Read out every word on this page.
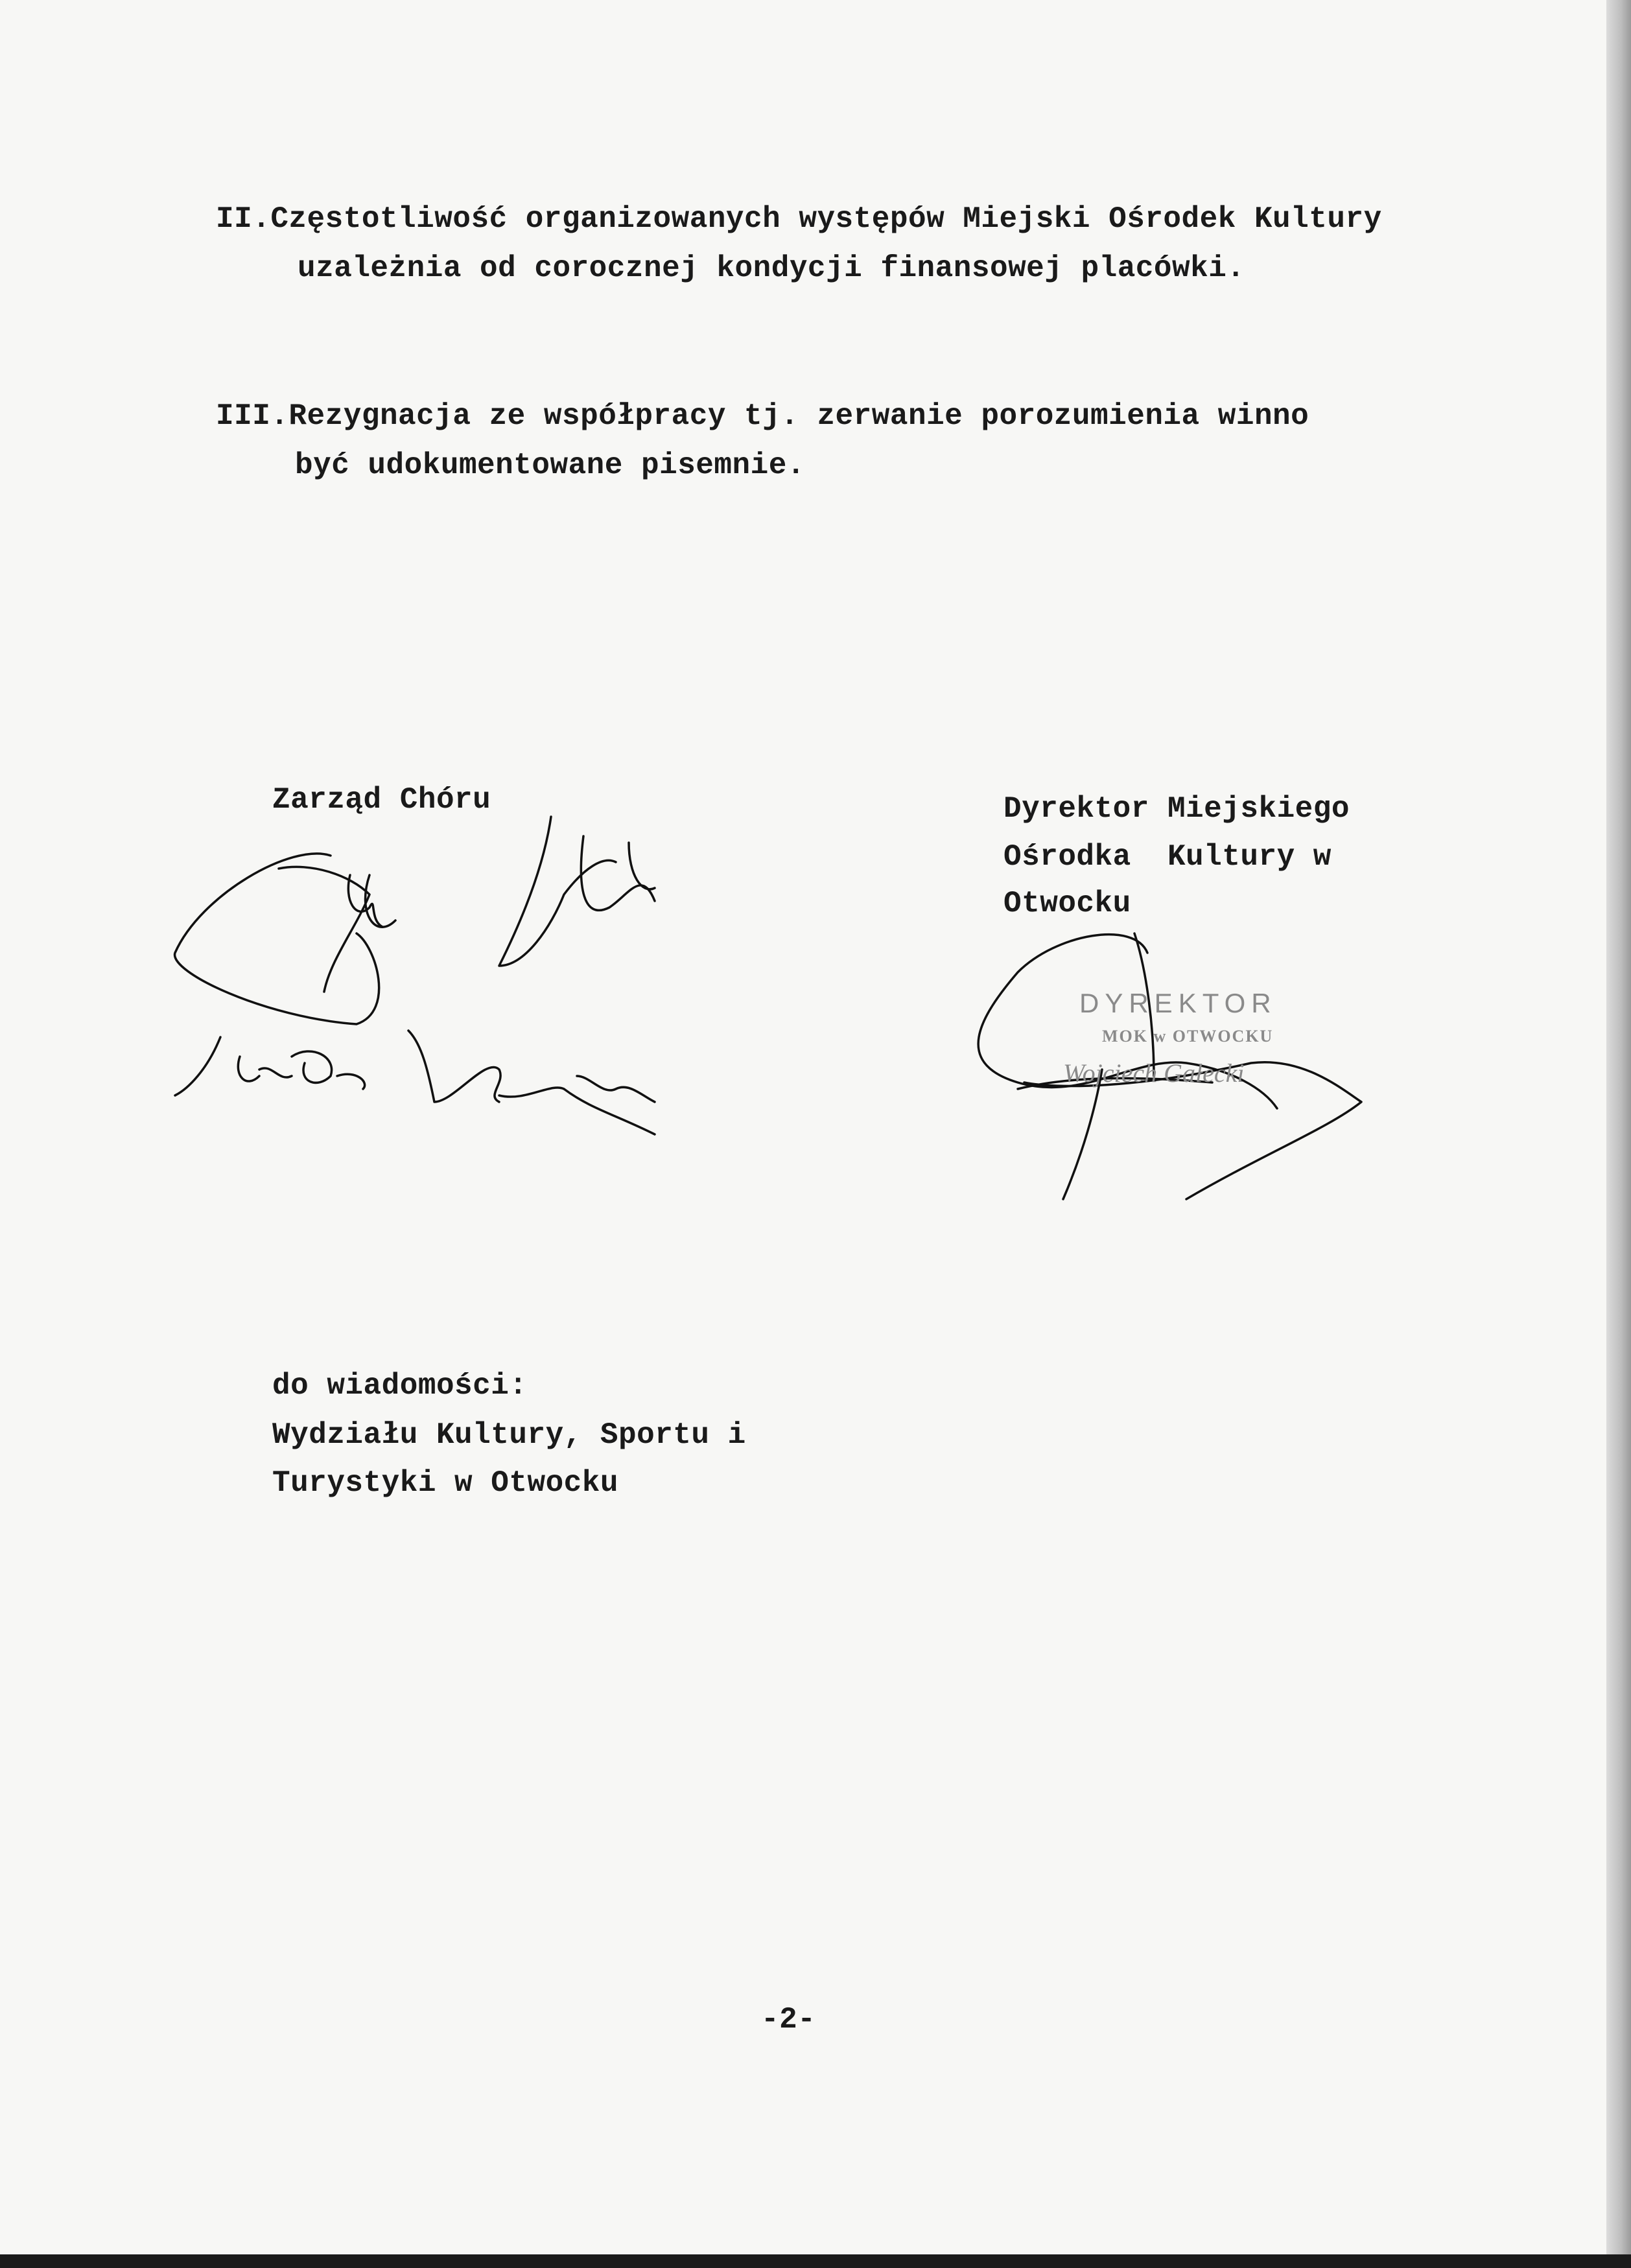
II.Częstotliwość organizowanych występów Miejski Ośrodek Kultury
uzależnia od corocznej kondycji finansowej placówki.
III.Rezygnacja ze współpracy tj. zerwanie porozumienia winno
być udokumentowane pisemnie.
Zarząd Chóru	Dyrektor Miejskiego
Ośrodka  Kultury w
Otwocku
DYREKTOR
MOK w OTWOCKU
Wojciech Gałecki
do wiadomości:
Wydziału Kultury, Sportu i
Turystyki w Otwocku
-2-
